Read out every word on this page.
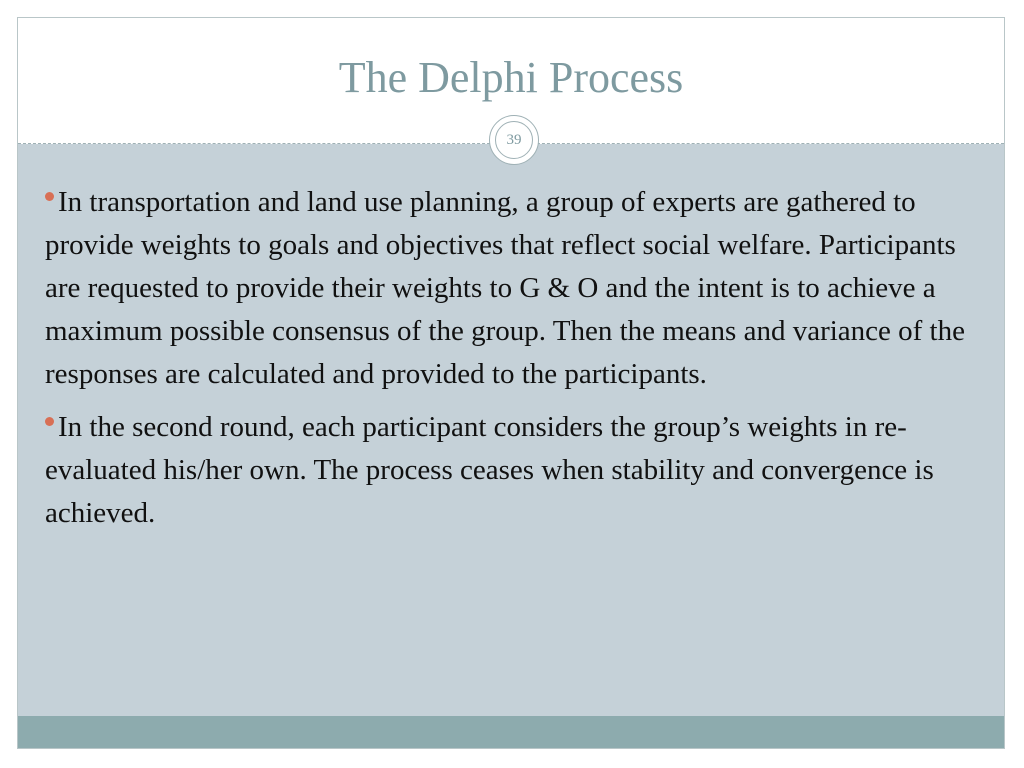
The Delphi Process
39
In transportation and land use planning, a group of experts are gathered to provide weights to goals and objectives that reflect social welfare. Participants are requested to provide their weights to G & O and the intent is to achieve a maximum possible consensus of the group. Then the means and variance of the responses are calculated and provided to the participants.
In the second round, each participant considers the group’s weights in re-evaluated his/her own. The process ceases when stability and convergence is achieved.
